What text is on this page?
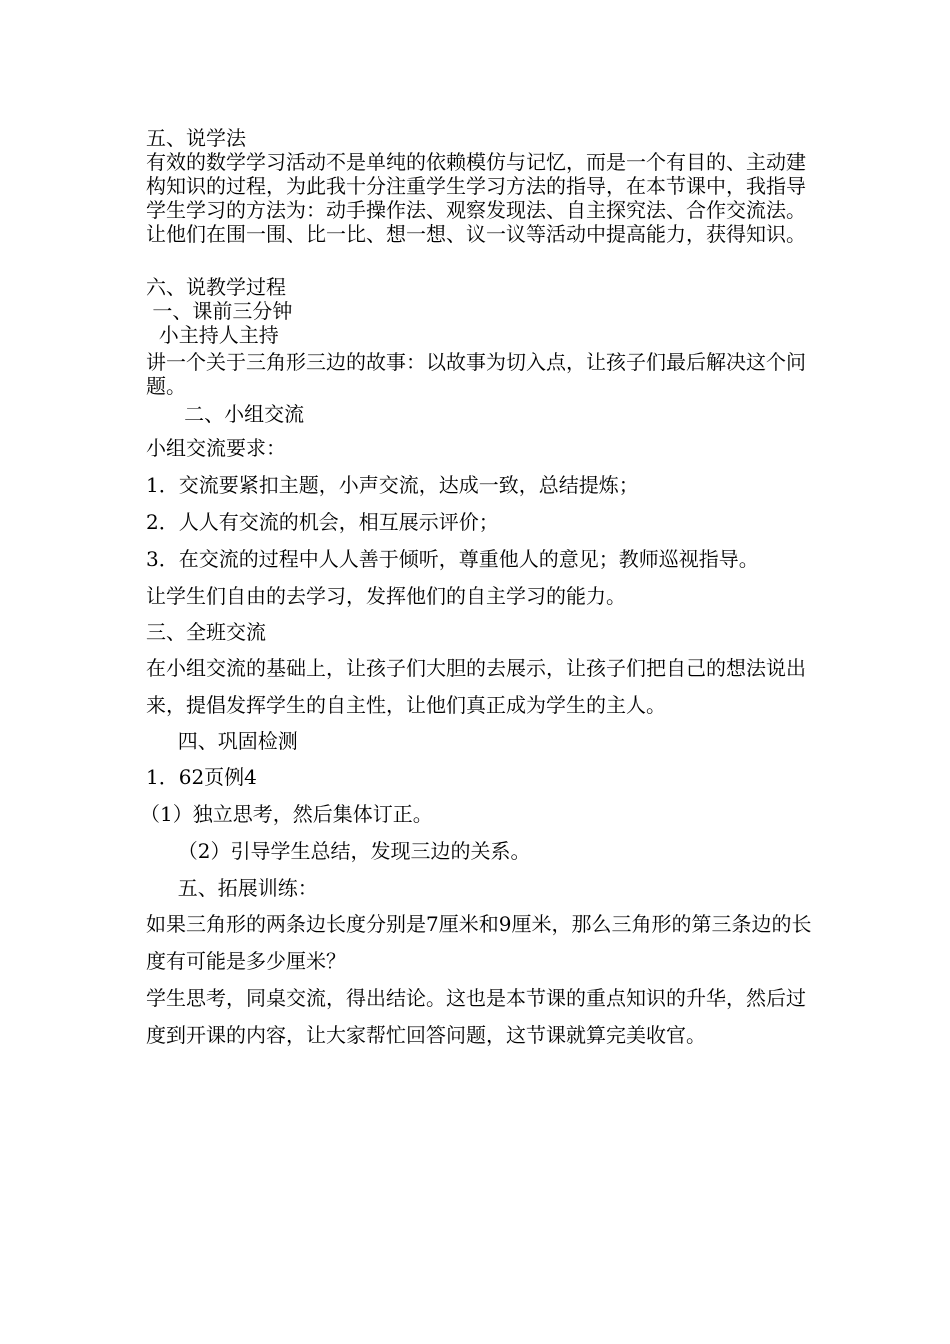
五、说学法

有效的数学学习活动不是单纯的依赖模仿与记忆，而是一个有目的、主动建构知识的过程，为此我十分注重学生学习方法的指导，在本节课中，我指导学生学习的方法为：动手操作法、观察发现法、自主探究法、合作交流法。让他们在围一围、比一比、想一想、议一议等活动中提高能力，获得知识。

六、说教学过程

一、课前三分钟

小主持人主持

讲一个关于三角形三边的故事：以故事为切入点，让孩子们最后解决这个问题。

二、小组交流

小组交流要求：

1．交流要紧扣主题，小声交流，达成一致，总结提炼；

2．人人有交流的机会，相互展示评价；

3．在交流的过程中人人善于倾听，尊重他人的意见；教师巡视指导。

让学生们自由的去学习，发挥他们的自主学习的能力。

三、全班交流

在小组交流的基础上，让孩子们大胆的去展示，让孩子们把自己的想法说出来，提倡发挥学生的自主性，让他们真正成为学生的主人。

四、巩固检测

1．62页例4

（1）独立思考，然后集体订正。

（2）引导学生总结，发现三边的关系。

五、拓展训练：

如果三角形的两条边长度分别是7厘米和9厘米，那么三角形的第三条边的长度有可能是多少厘米？

学生思考，同桌交流，得出结论。这也是本节课的重点知识的升华，然后过度到开课的内容，让大家帮忙回答问题，这节课就算完美收官。
